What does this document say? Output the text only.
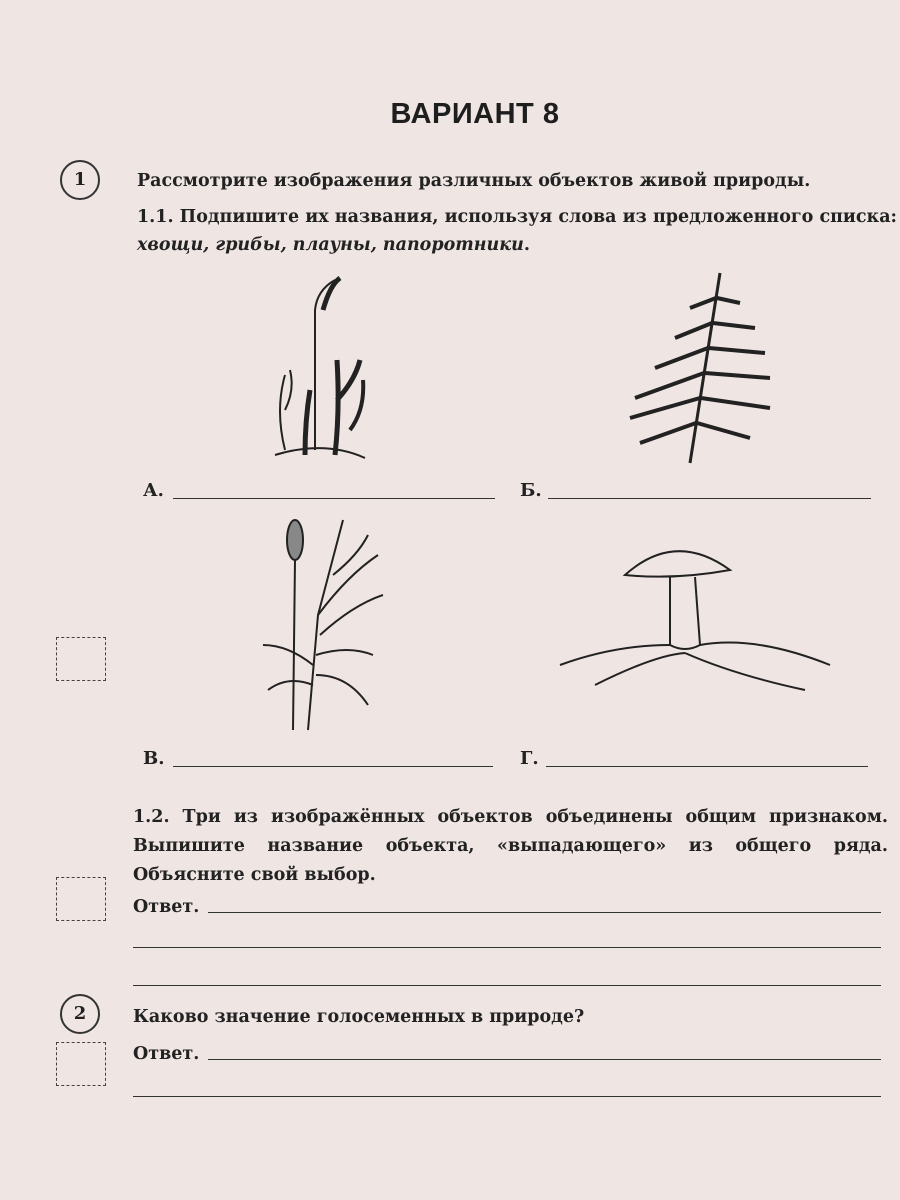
ВАРИАНТ 8
1	Рассмотрите изображения различных объектов живой природы.
1.1. Подпишите их названия, используя слова из предложенного списка: хвощи, грибы, плауны, папоротники.
А.	Б.
В.	Г.
1.2. Три из изображённых объектов объединены общим признаком. Выпишите название объекта, «выпадающего» из общего ряда. Объясните свой выбор.
Ответ.
2	Каково значение голосеменных в природе?
Ответ.
